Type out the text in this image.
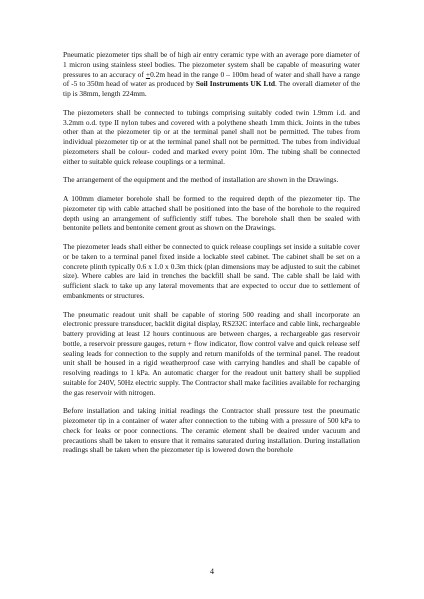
Pneumatic piezometer tips shall be of high air entry ceramic type with an average pore diameter of 1 micron using stainless steel bodies. The piezometer system shall be capable of measuring water pressures to an accuracy of +0.2m head in the range 0 – 100m head of water and shall have a range of -5 to 350m head of water as produced by Soil Instruments UK Ltd. The overall diameter of the tip is 38mm, length 224mm.

The piezometers shall be connected to tubings comprising suitably coded twin 1.9mm i.d. and 3.2mm o.d. type II nylon tubes and covered with a polythene sheath 1mm thick. Joints in the tubes other than at the piezometer tip or at the terminal panel shall not be permitted. The tubes from individual piezometer tip or at the terminal panel shall not be permitted. The tubes from individual piezometers shall be colour- coded and marked every point 10m. The tubing shall be connected either to suitable quick release couplings or a terminal.

The arrangement of the equipment and the method of installation are shown in the Drawings.

A 100mm diameter borehole shall be formed to the required depth of the piezometer tip. The piezometer tip with cable attached shall be positioned into the base of the borehole to the required depth using an arrangement of sufficiently stiff tubes. The borehole shall then be sealed with bentonite pellets and bentonite cement grout as shown on the Drawings.

The piezometer leads shall either be connected to quick release couplings set inside a suitable cover or be taken to a terminal panel fixed inside a lockable steel cabinet. The cabinet shall be set on a concrete plinth typically 0.6 x 1.0 x 0.3m thick (plan dimensions may be adjusted to suit the cabinet size). Where cables are laid in trenches the backfill shall be sand. The cable shall be laid with sufficient slack to take up any lateral movements that are expected to occur due to settlement of embankments or structures.

The pneumatic readout unit shall be capable of storing 500 reading and shall incorporate an electronic pressure transducer, backlit digital display, RS232C interface and cable link, rechargeable battery providing at least 12 hours continuous are between charges, a rechargeable gas reservoir bottle, a reservoir pressure gauges, return + flow indicator, flow control valve and quick release self sealing leads for connection to the supply and return manifolds of the terminal panel. The readout unit shall be housed in a rigid weatherproof case with carrying handles and shall be capable of resolving readings to 1 kPa. An automatic charger for the readout unit battery shall be supplied suitable for 240V, 50Hz electric supply. The Contractor shall make facilities available for recharging the gas reservoir with nitrogen.

Before installation and taking initial readings the Contractor shall pressure test the pneumatic piezometer tip in a container of water after connection to the tubing with a pressure of 500 kPa to check for leaks or poor connections. The ceramic element shall be deaired under vacuum and precautions shall be taken to ensure that it remains saturated during installation. During installation readings shall be taken when the piezometer tip is lowered down the borehole

4
